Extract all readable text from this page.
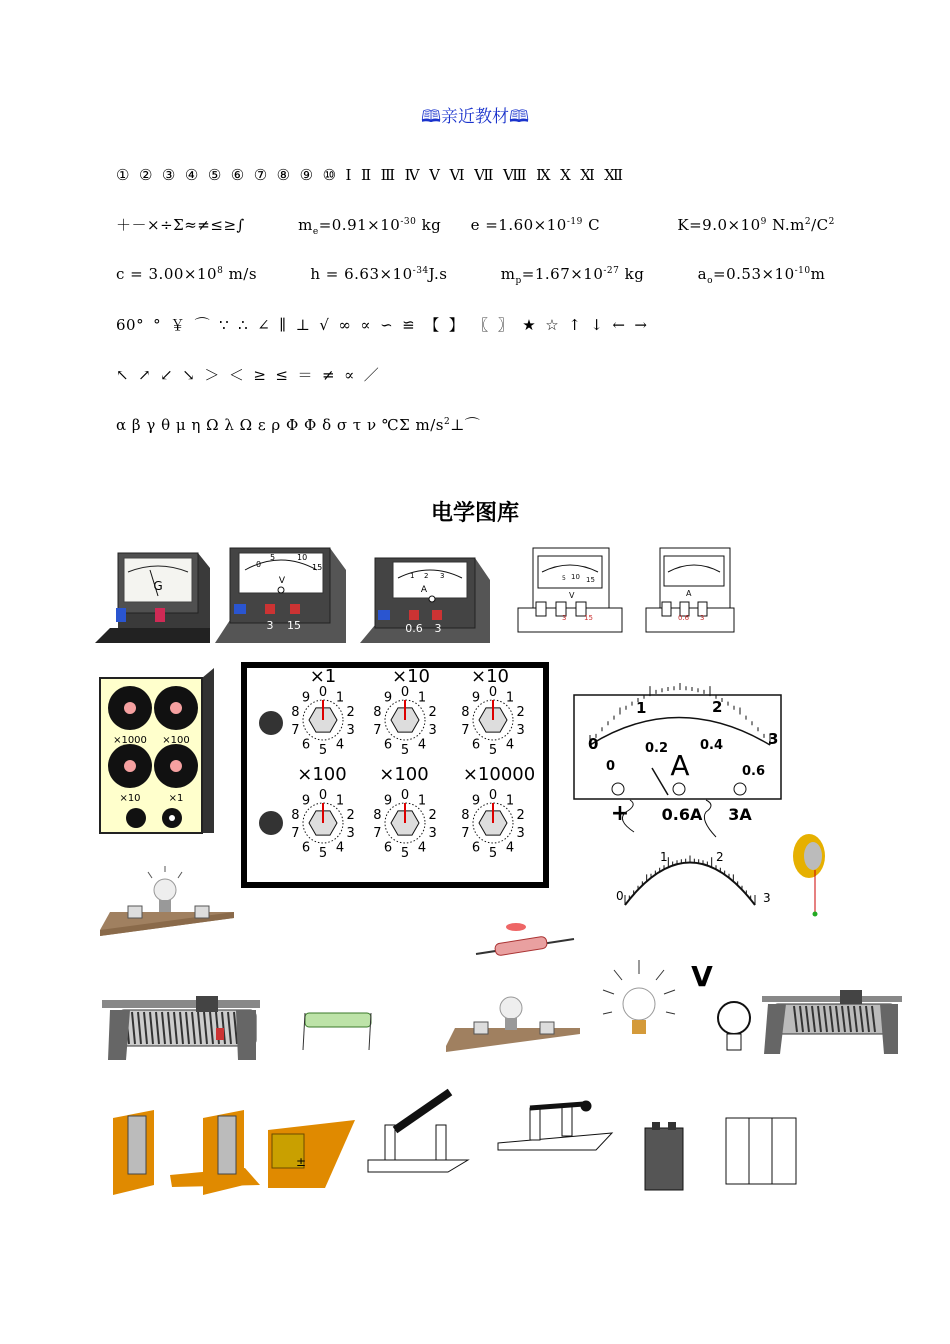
🕮亲近教材🕮
① ② ③ ④ ⑤ ⑥ ⑦ ⑧ ⑨ ⑩ Ⅰ Ⅱ Ⅲ Ⅳ Ⅴ Ⅵ Ⅶ Ⅷ Ⅸ Ⅹ Ⅺ Ⅻ
＋－×÷Σ≈≠≤≥∫	$m_e=0.91\times 10^{-30}$ kg $e =1.60\times 10^{-19}$ C	$K=9.0\times 10^9$ $N.m^2/C^2$
$c = 3.00\times 10^8$ m/s	$h = 6.63\times 10^{-34}J.s$	$m_p=1.67\times 10^{-27}$ kg	$a_o=0.53\times 10^{-10}m$
60° ° ￥ ⌒ ∵ ∴ ∠ ∥ ⊥ √ ∞ ∝ ∽ ≌ 【 】 〖 〗 ★ ☆ ↑ ↓ ← →
↖ ↗ ↙ ↘ ＞ ＜ ≥ ≤ ＝ ≠ ∝ ／
α β γ θ μ η Ω λ Ω ε ρ Φ Φ δ σ τ ν ℃Σ $m/s^2\perp⌒$
电学图库
G	V
0
5	10
15
3 15
A
1 2 3
0.6 3
5 10 15
V
3	15
A
0.6 3
×1000 ×100
×10	×1
×1	×10 ×10
×100 ×100 ×10000
0 1
2
3
4
5
6
7
8
9	0 1
2
3
4
5
6
7
8
9	0 1
2
3
4
5
6
7
8
9
0 1
2
3
4
5
6
7
8
9	0 1
2
3
4
5
6
7
8
9	0 1
2
3
4
5
6
7
8
9
0
1	2
3
0
0.2 0.4
0.6
A
+ 0.6A 3A
0
1	2
3
V
±
